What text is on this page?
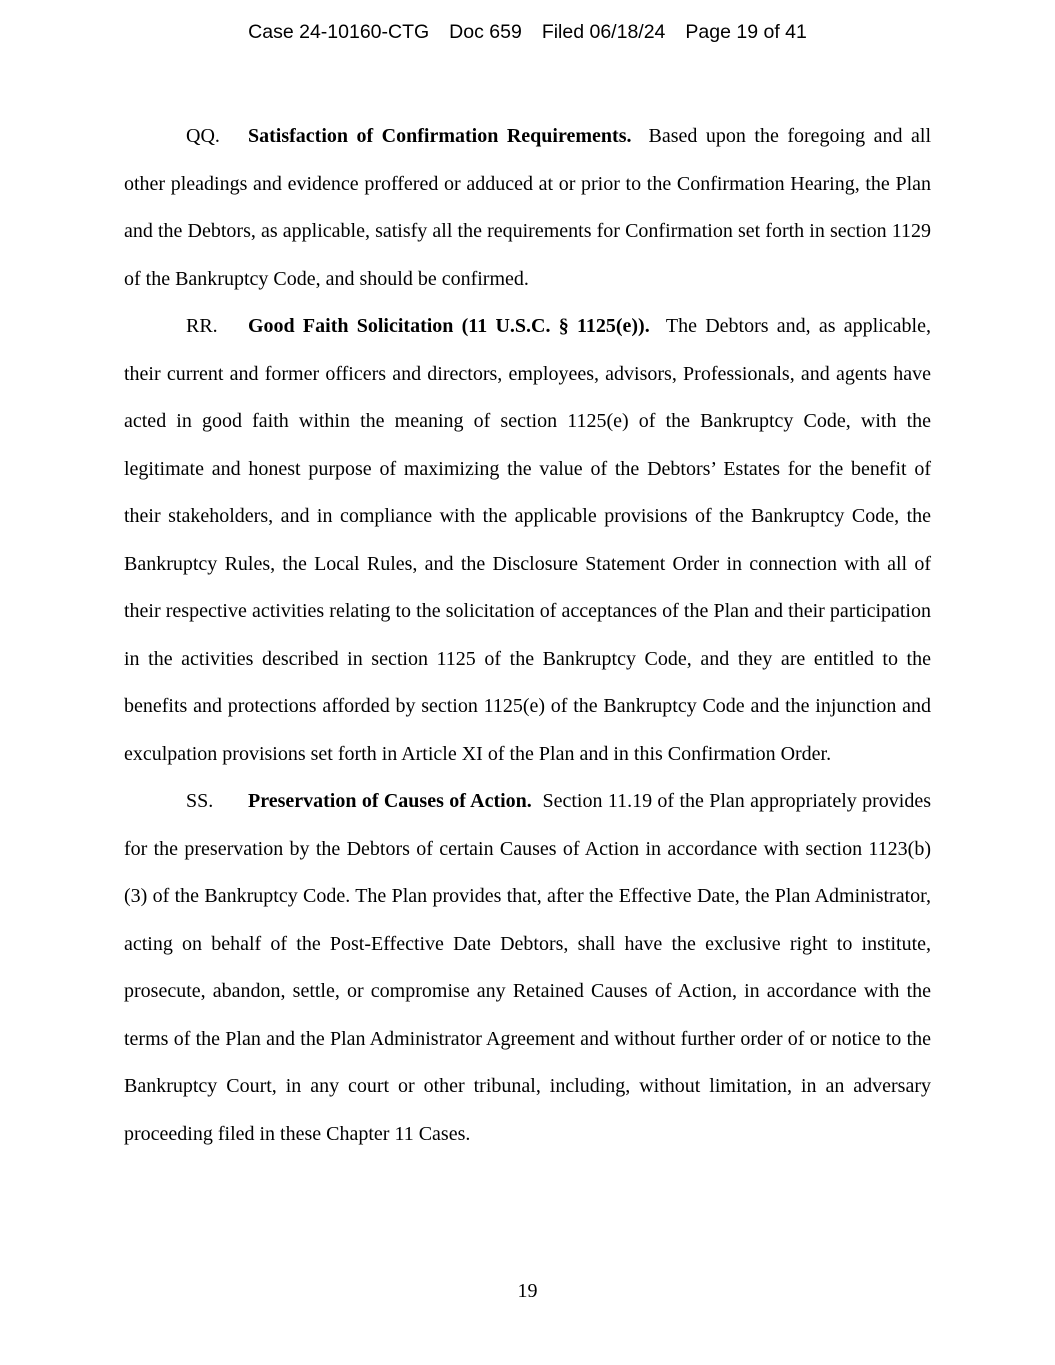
Case 24-10160-CTG Doc 659 Filed 06/18/24 Page 19 of 41

QQ. Satisfaction of Confirmation Requirements. Based upon the foregoing and all other pleadings and evidence proffered or adduced at or prior to the Confirmation Hearing, the Plan and the Debtors, as applicable, satisfy all the requirements for Confirmation set forth in section 1129 of the Bankruptcy Code, and should be confirmed.

RR. Good Faith Solicitation (11 U.S.C. § 1125(e)). The Debtors and, as applicable, their current and former officers and directors, employees, advisors, Professionals, and agents have acted in good faith within the meaning of section 1125(e) of the Bankruptcy Code, with the legitimate and honest purpose of maximizing the value of the Debtors’ Estates for the benefit of their stakeholders, and in compliance with the applicable provisions of the Bankruptcy Code, the Bankruptcy Rules, the Local Rules, and the Disclosure Statement Order in connection with all of their respective activities relating to the solicitation of acceptances of the Plan and their participation in the activities described in section 1125 of the Bankruptcy Code, and they are entitled to the benefits and protections afforded by section 1125(e) of the Bankruptcy Code and the injunction and exculpation provisions set forth in Article XI of the Plan and in this Confirmation Order.

SS. Preservation of Causes of Action. Section 11.19 of the Plan appropriately provides for the preservation by the Debtors of certain Causes of Action in accordance with section 1123(b)(3) of the Bankruptcy Code. The Plan provides that, after the Effective Date, the Plan Administrator, acting on behalf of the Post-Effective Date Debtors, shall have the exclusive right to institute, prosecute, abandon, settle, or compromise any Retained Causes of Action, in accordance with the terms of the Plan and the Plan Administrator Agreement and without further order of or notice to the Bankruptcy Court, in any court or other tribunal, including, without limitation, in an adversary proceeding filed in these Chapter 11 Cases.

19
